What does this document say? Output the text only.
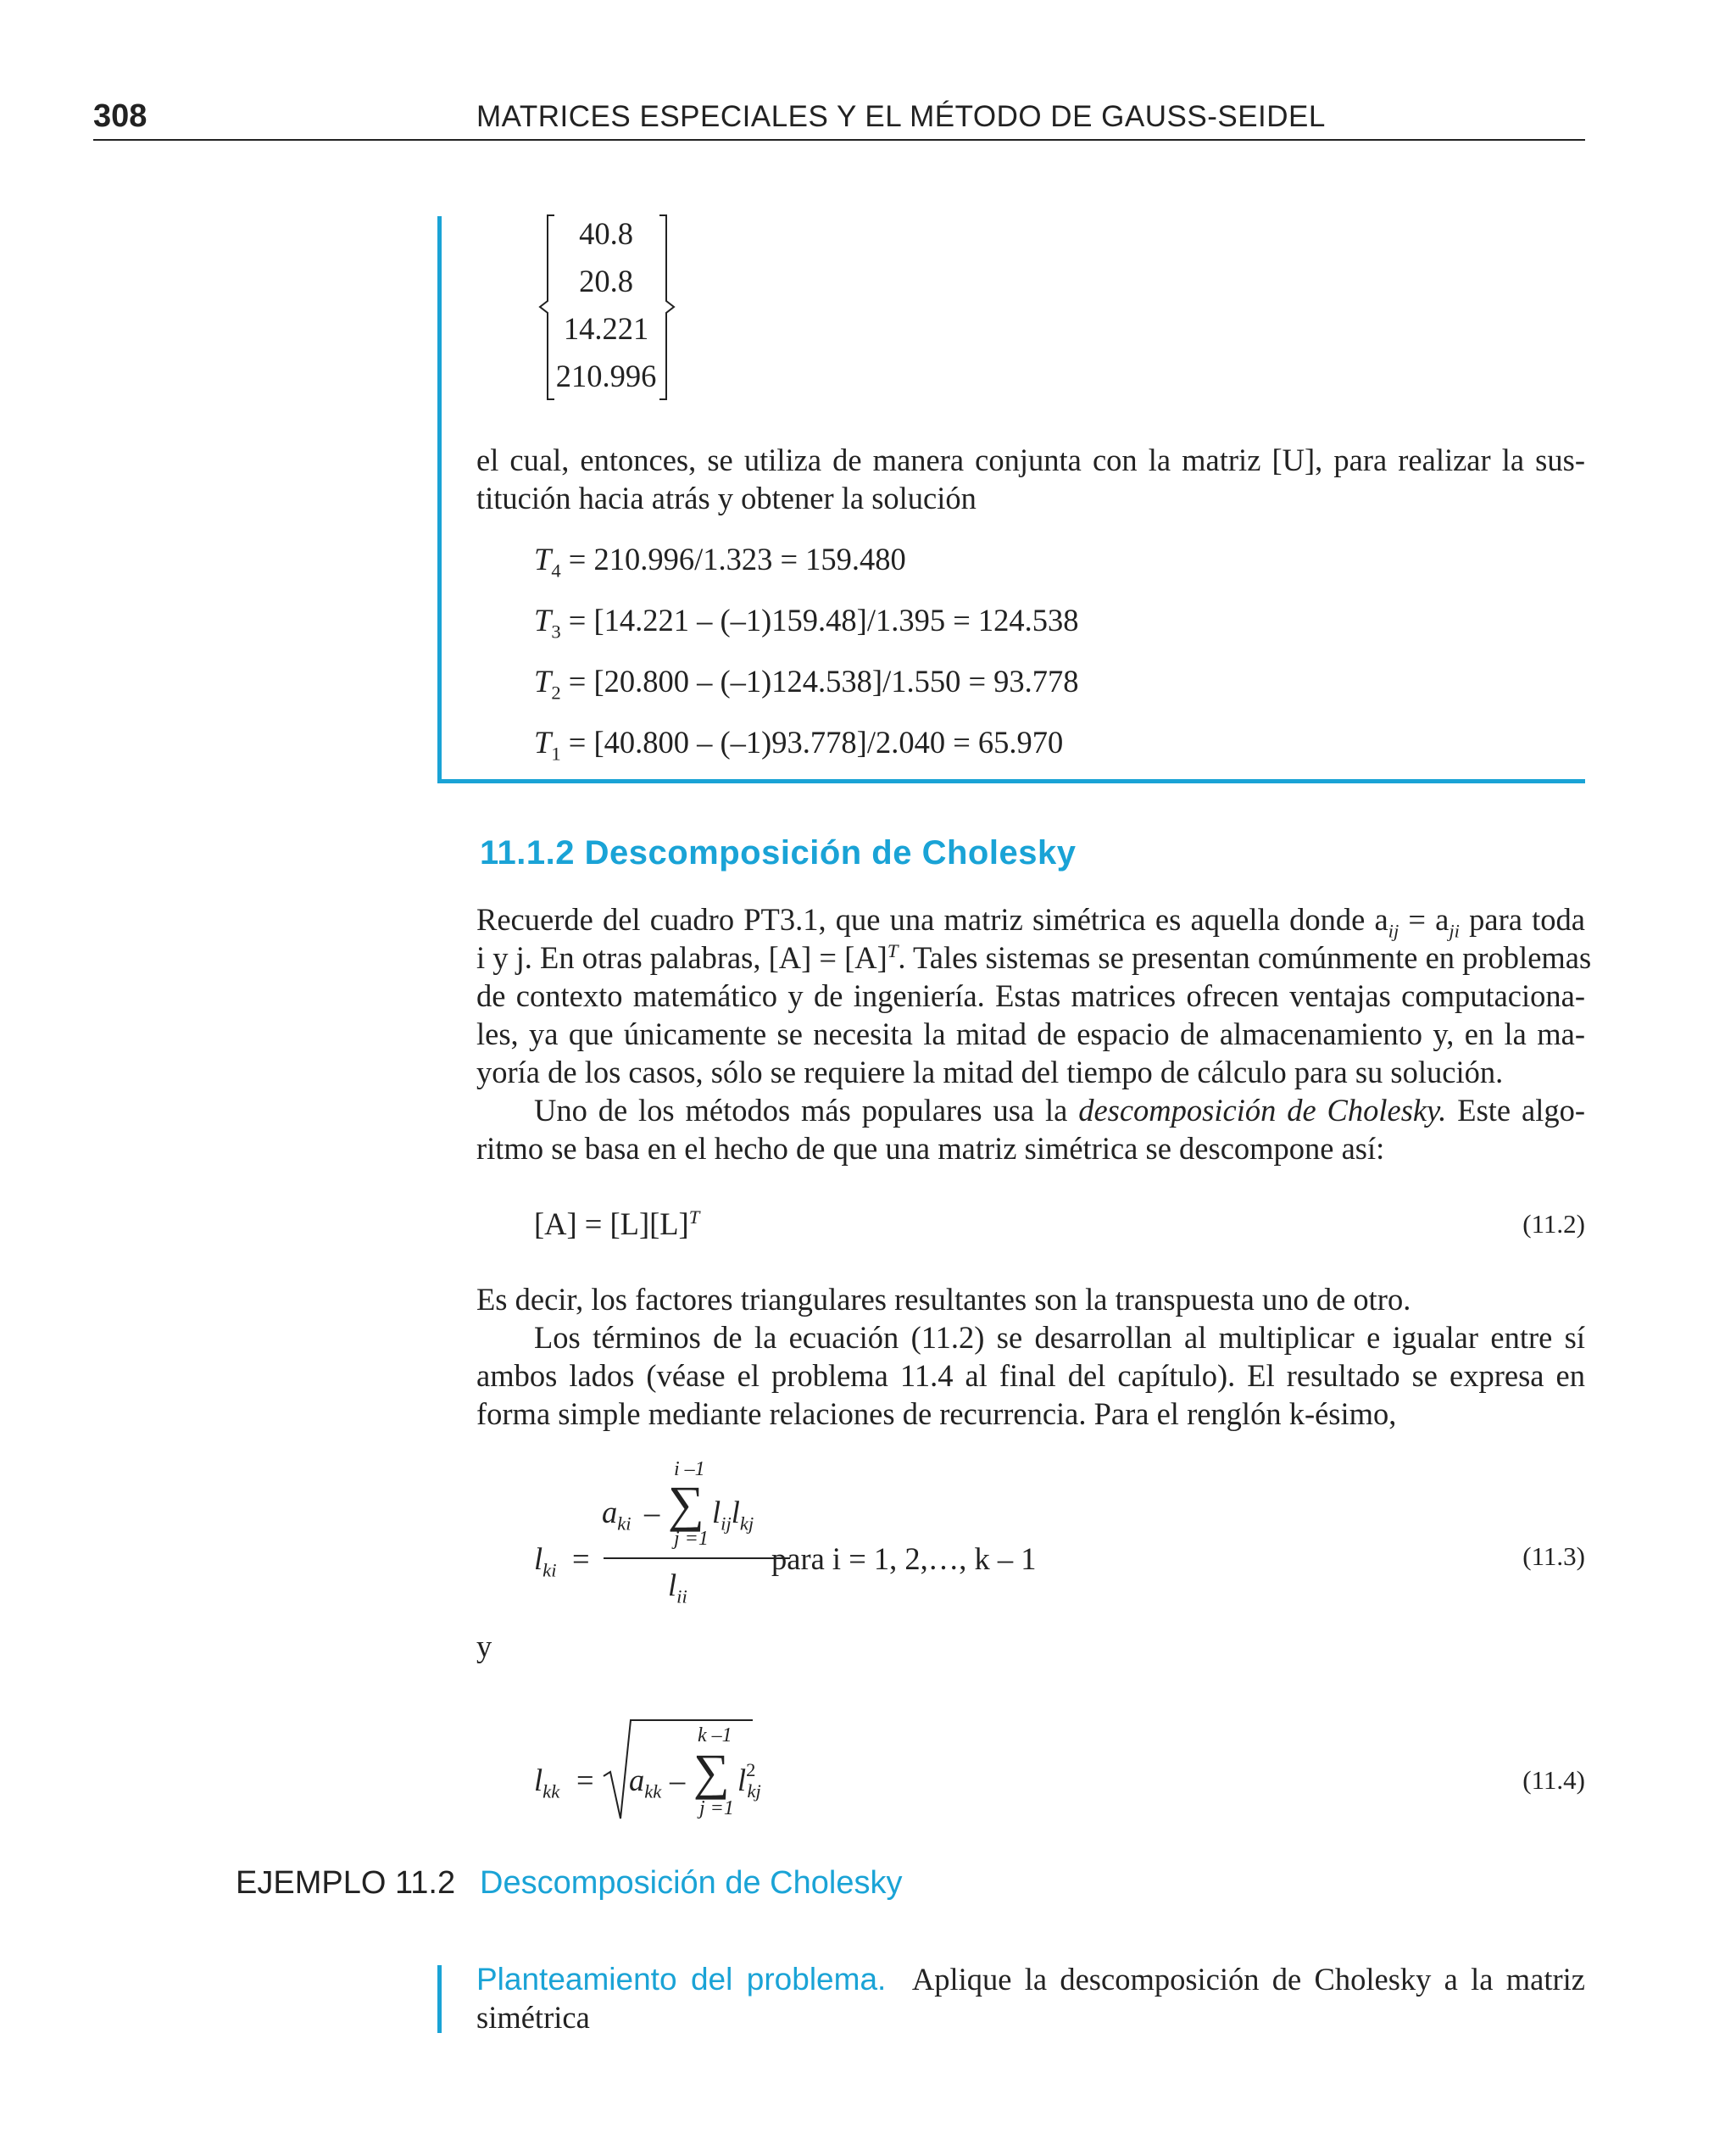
308	MATRICES ESPECIALES Y EL MÉTODO DE GAUSS-SEIDEL
40.8
20.8
14.221
210.996
el cual, entonces, se utiliza de manera conjunta con la matriz [U], para realizar la sus-
titución hacia atrás y obtener la solución
$T_4 = 210.996/1.323 = 159.480$
$T_3 = [14.221 - (-1)159.48]/1.395 = 124.538$
$T_2 = [20.800 - (-1)124.538]/1.550 = 93.778$
$T_1 = [40.800 - (-1)93.778]/2.040 = 65.970$
11.1.2 Descomposición de Cholesky
Recuerde del cuadro PT3.1, que una matriz simétrica es aquella donde $a_{ij} = a_{ji}$ para toda
i y j. En otras palabras, $[A] = [A]^T$. Tales sistemas se presentan comúnmente en problemas
de contexto matemático y de ingeniería. Estas matrices ofrecen ventajas computaciona-
les, ya que únicamente se necesita la mitad de espacio de almacenamiento y, en la ma-
yoría de los casos, sólo se requiere la mitad del tiempo de cálculo para su solución.
Uno de los métodos más populares usa la descomposición de Cholesky. Este algo-
ritmo se basa en el hecho de que una matriz simétrica se descompone así:
$[A] = [L][L]^T$	(11.2)
Es decir, los factores triangulares resultantes son la transpuesta uno de otro.
Los términos de la ecuación (11.2) se desarrollan al multiplicar e igualar entre sí
ambos lados (véase el problema 11.4 al final del capítulo). El resultado se expresa en
forma simple mediante relaciones de recurrencia. Para el renglón k-ésimo,
$l_{ki}$ =
i –1
$a_{ki}$ – ∑ $l_{ij}l_{kj}$
j =1
$l_{ii}$
para i = 1, 2,…, k – 1	(11.3)
y
$l_{kk} = a_{kk}$ –
k –1
∑
j =1
$l^2_{kj}$	(11.4)
EJEMPLO 11.2 Descomposición de Cholesky
Planteamiento del problema. Aplique la descomposición de Cholesky a la matriz
simétrica
